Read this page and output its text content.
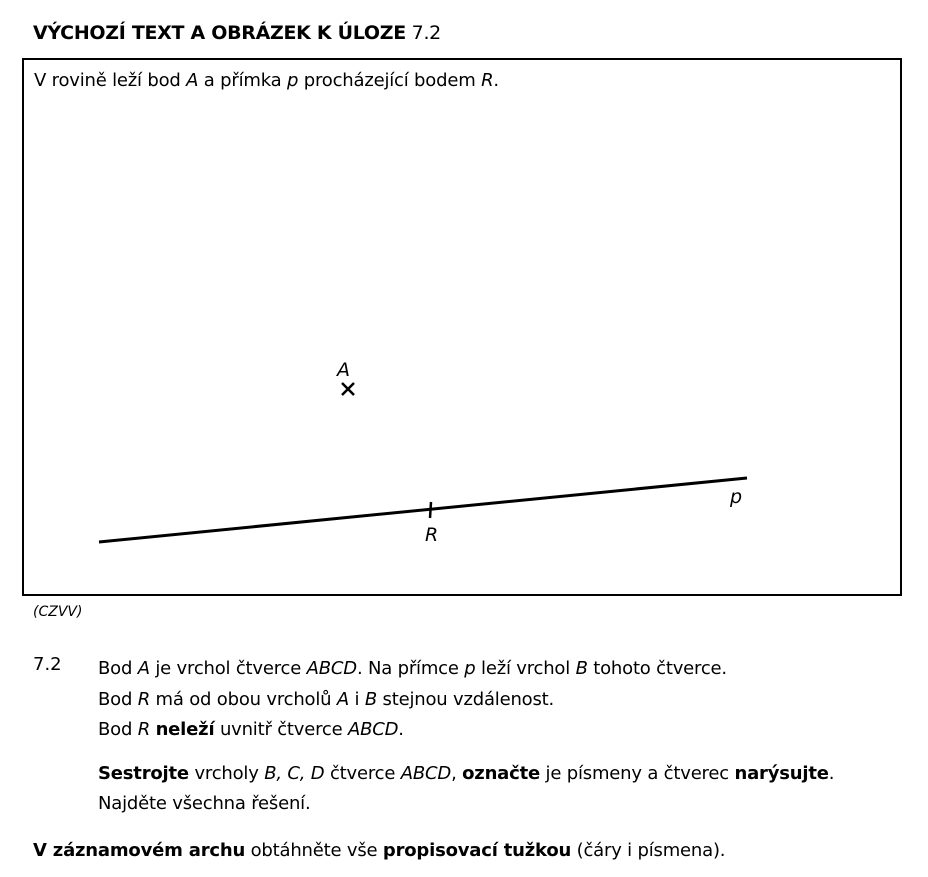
VÝCHOZÍ TEXT A OBRÁZEK K ÚLOZE 7.2
V rovině leží bod A a přímka p procházející bodem R.
A
R
p
(CZVV)
7.2 Bod A je vrchol čtverce ABCD. Na přímce p leží vrchol B tohoto čtverce.

Bod R má od obou vrcholů A i B stejnou vzdálenost.

Bod R neleží uvnitř čtverce ABCD.

Sestrojte vrcholy B, C, D čtverce ABCD, označte je písmeny a čtverec narýsujte.

Najděte všechna řešení.

V záznamovém archu obtáhněte vše propisovací tužkou (čáry i písmena).
